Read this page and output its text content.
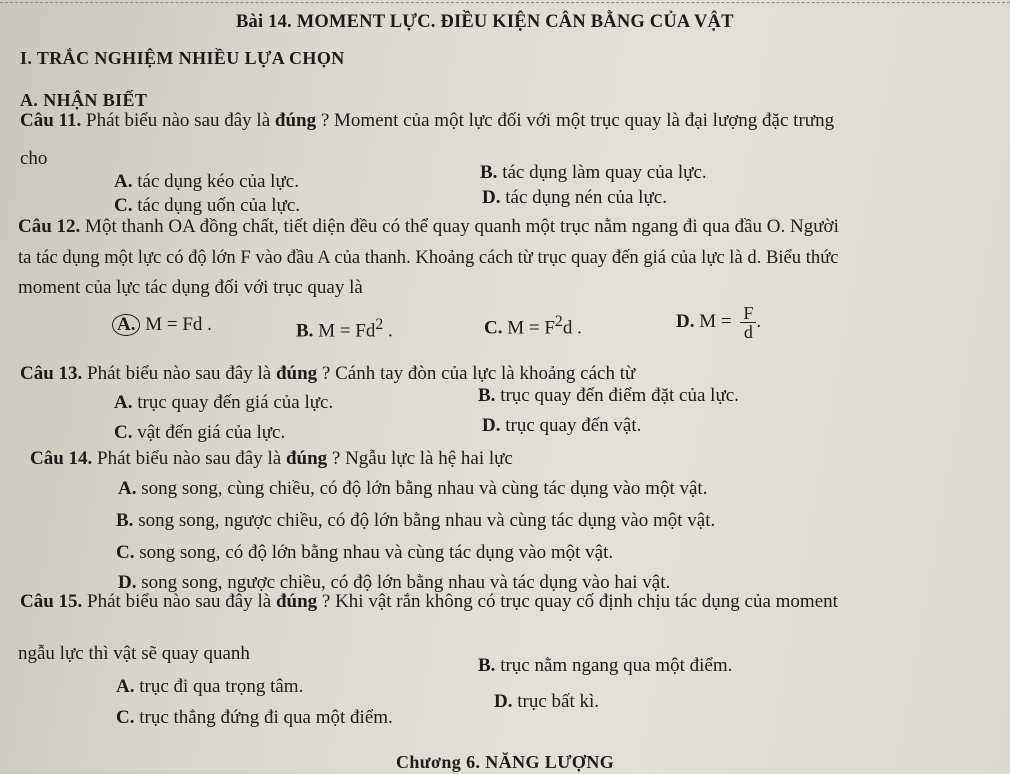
Bài 14. MOMENT LỰC. ĐIỀU KIỆN CÂN BẰNG CỦA VẬT
I. TRẮC NGHIỆM NHIỀU LỰA CHỌN
A. NHẬN BIẾT
Câu 11. Phát biểu nào sau đây là đúng ? Moment của một lực đối với một trục quay là đại lượng đặc trưng
cho
A. tác dụng kéo của lực.	B. tác dụng làm quay của lực.
C. tác dụng uốn của lực.	D. tác dụng nén của lực.
Câu 12. Một thanh OA đồng chất, tiết diện đều có thể quay quanh một trục nằm ngang đi qua đầu O. Người
ta tác dụng một lực có độ lớn F vào đầu A của thanh. Khoảng cách từ trục quay đến giá của lực là d. Biểu thức
moment của lực tác dụng đối với trục quay là
A. M = Fd .	B. $M = Fd^2$ .	C. $M = F^2d$ .	D. $M = \frac{F}{d}$ .
Câu 13. Phát biểu nào sau đây là đúng ? Cánh tay đòn của lực là khoảng cách từ
A. trục quay đến giá của lực.	B. trục quay đến điểm đặt của lực.
C. vật đến giá của lực.	D. trục quay đến vật.
Câu 14. Phát biểu nào sau đây là đúng ? Ngẫu lực là hệ hai lực
A. song song, cùng chiều, có độ lớn bằng nhau và cùng tác dụng vào một vật.
B. song song, ngược chiều, có độ lớn bằng nhau và cùng tác dụng vào một vật.
C. song song, có độ lớn bằng nhau và cùng tác dụng vào một vật.
D. song song, ngược chiều, có độ lớn bằng nhau và tác dụng vào hai vật.
Câu 15. Phát biểu nào sau đây là đúng ? Khi vật rắn không có trục quay cố định chịu tác dụng của moment
ngẫu lực thì vật sẽ quay quanh
A. trục đi qua trọng tâm.
B. trục nằm ngang qua một điểm.
C. trục thẳng đứng đi qua một điểm.
D. trục bất kì.
Chương 6. NĂNG LƯỢNG
